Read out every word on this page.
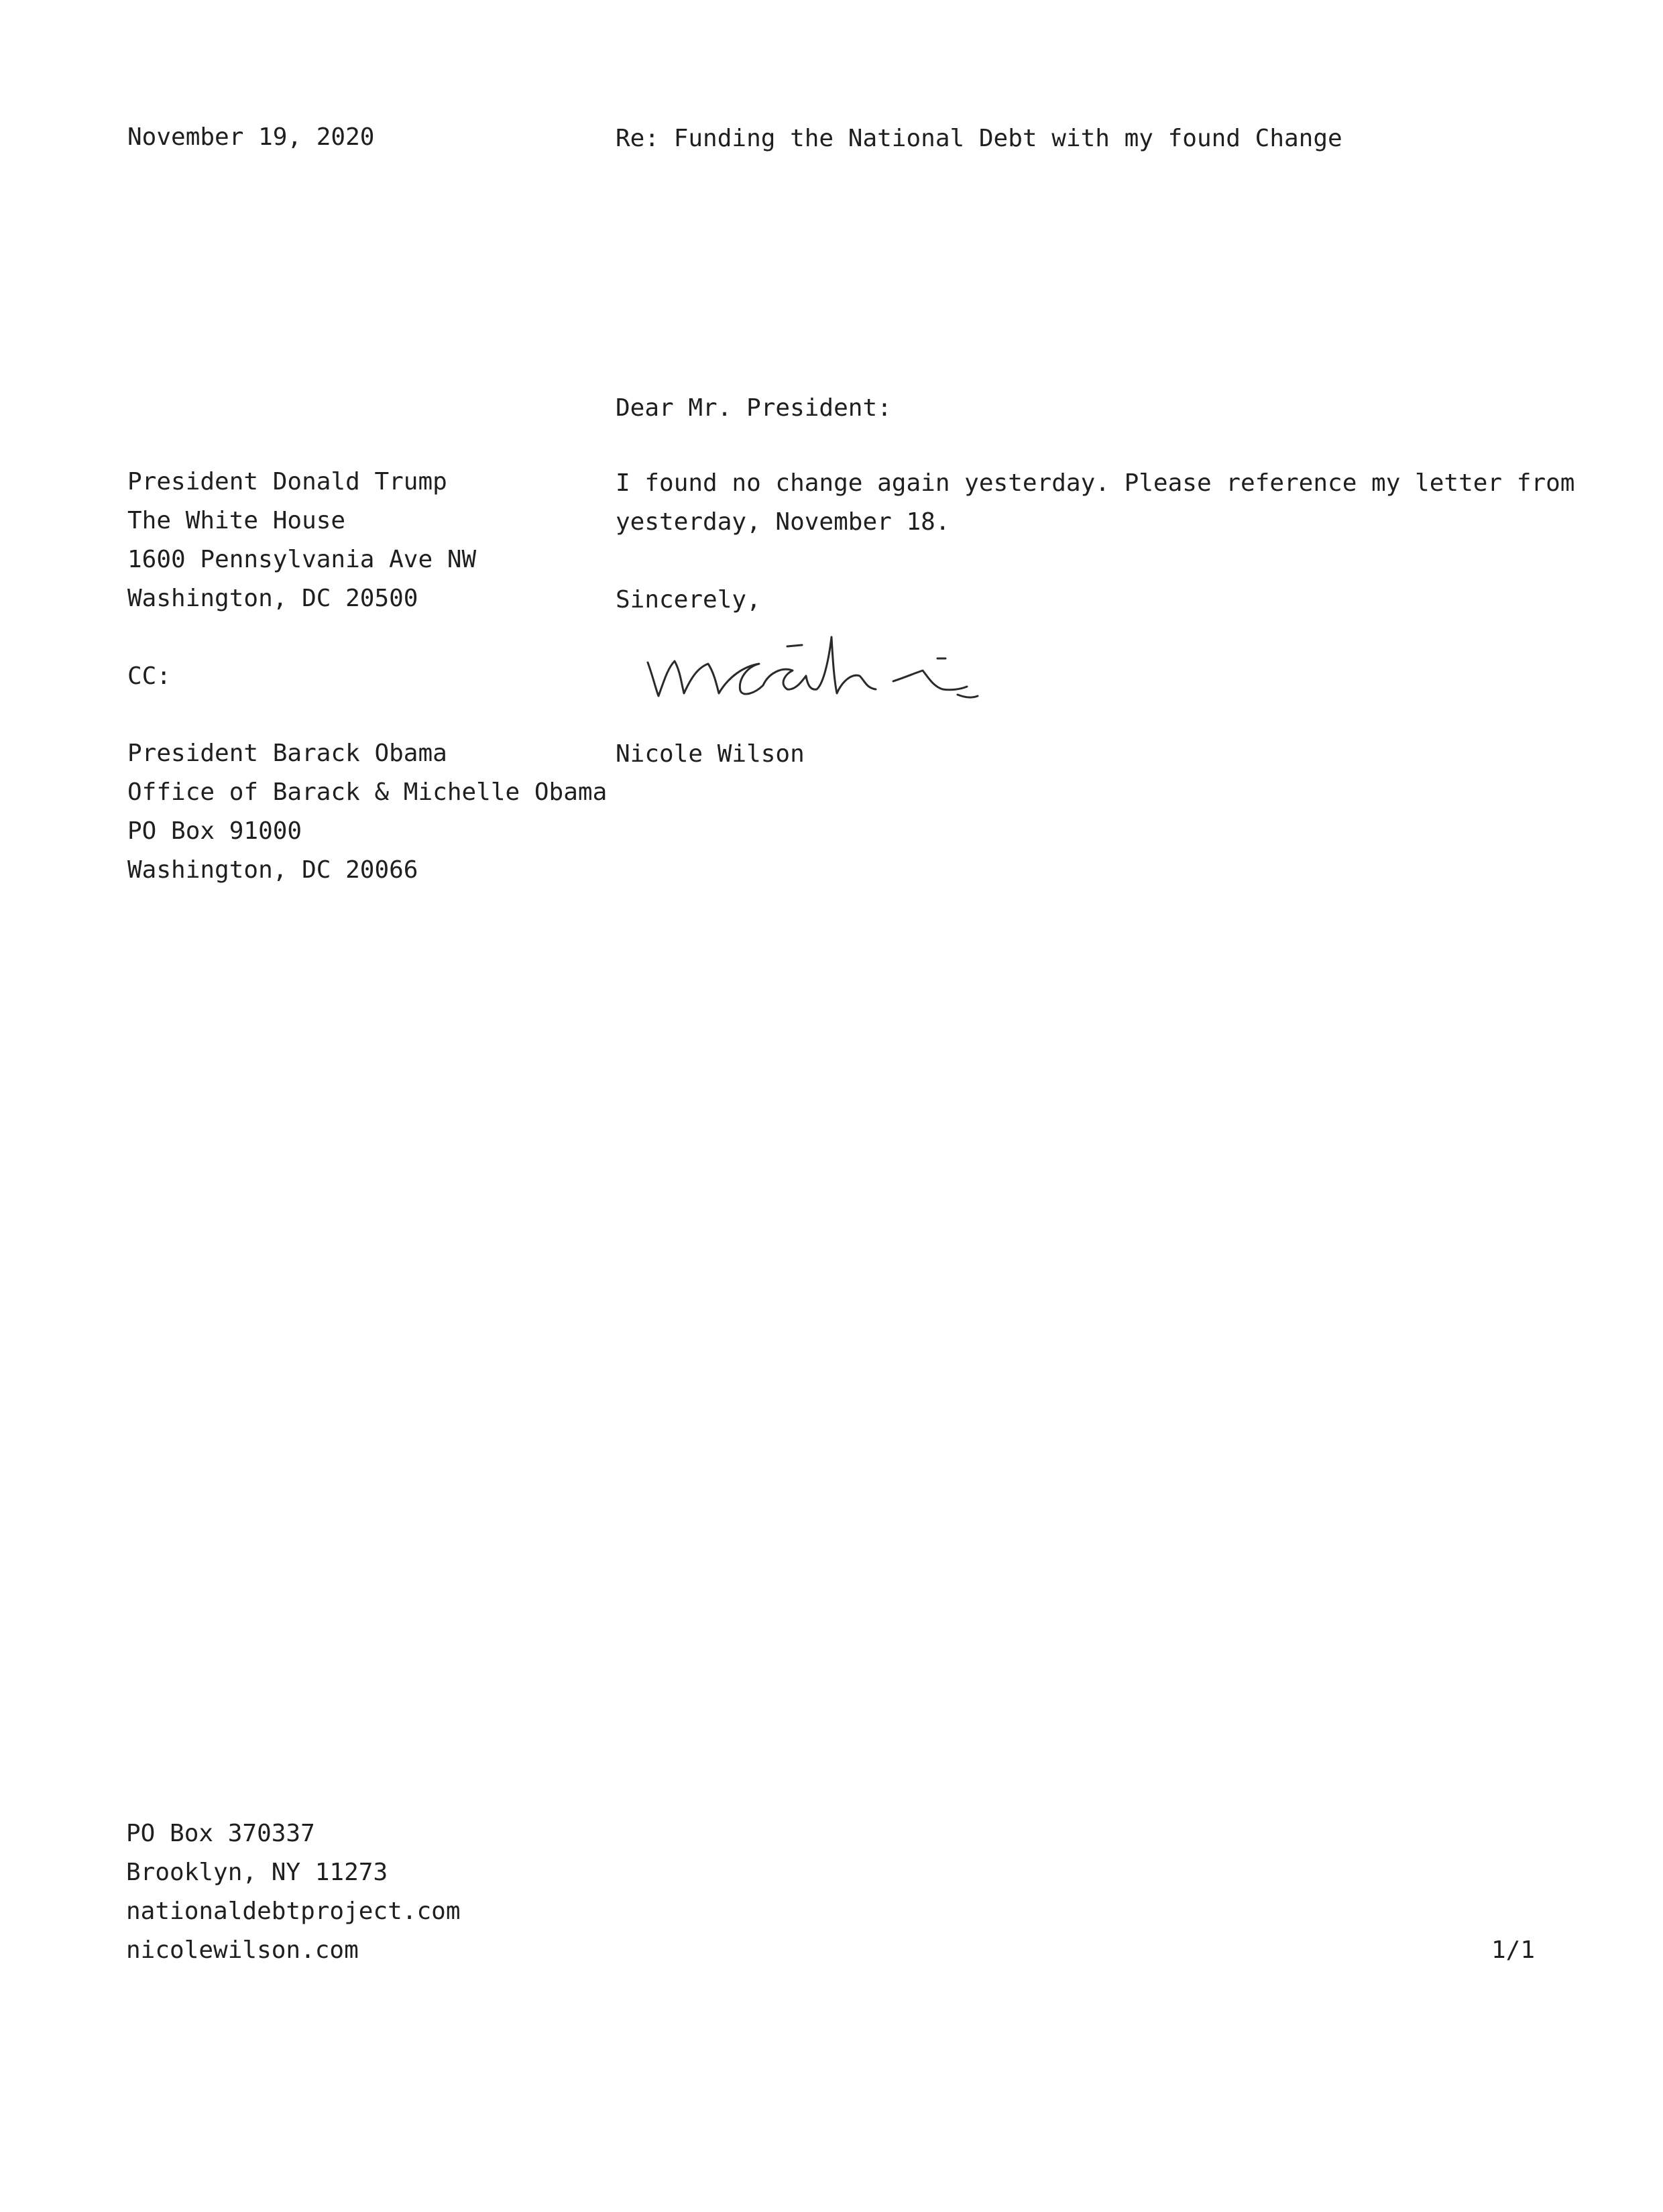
November 19, 2020	Re: Funding the National Debt with my found Change

Dear Mr. President:

President Donald Trump
The White House
1600 Pennsylvania Ave NW
Washington, DC 20500
I found no change again yesterday. Please reference my letter from
yesterday, November 18.

Sincerely,

CC:

President Barack Obama
Office of Barack & Michelle Obama
PO Box 91000
Washington, DC 20066

Nicole Wilson

PO Box 370337
Brooklyn, NY 11273
nationaldebtproject.com
nicolewilson.com	1/1
